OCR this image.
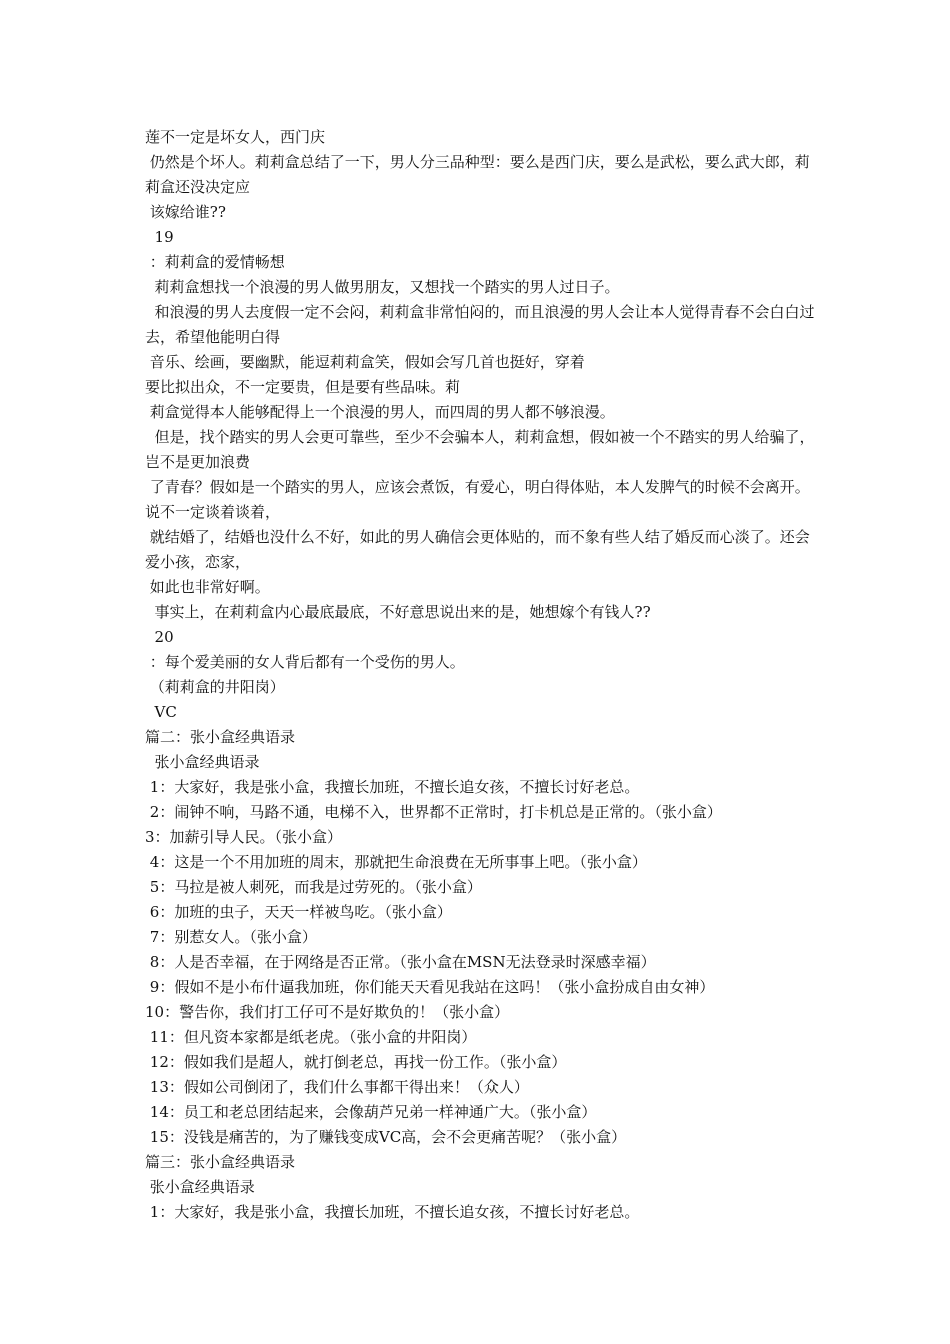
莲不一定是坏女人，西门庆

仍然是个坏人。莉莉盒总结了一下，男人分三品种型：要么是西门庆，要么是武松，要么武大郎，莉莉盒还没决定应

该嫁给谁??

19

：莉莉盒的爱情畅想

莉莉盒想找一个浪漫的男人做男朋友，又想找一个踏实的男人过日子。

和浪漫的男人去度假一定不会闷，莉莉盒非常怕闷的，而且浪漫的男人会让本人觉得青春不会白白过去，希望他能明白得

音乐、绘画，要幽默，能逗莉莉盒笑，假如会写几首也挺好，穿着

要比拟出众，不一定要贵，但是要有些品味。莉

莉盒觉得本人能够配得上一个浪漫的男人，而四周的男人都不够浪漫。

但是，找个踏实的男人会更可靠些，至少不会骗本人，莉莉盒想，假如被一个不踏实的男人给骗了，岂不是更加浪费

了青春？假如是一个踏实的男人，应该会煮饭，有爱心，明白得体贴，本人发脾气的时候不会离开。说不一定谈着谈着，

就结婚了，结婚也没什么不好，如此的男人确信会更体贴的，而不象有些人结了婚反而心淡了。还会爱小孩，恋家，

如此也非常好啊。

事实上，在莉莉盒内心最底最底，不好意思说出来的是，她想嫁个有钱人??

20

：每个爱美丽的女人背后都有一个受伤的男人。

（莉莉盒的井阳岗）

VC

篇二：张小盒经典语录

张小盒经典语录

1：大家好，我是张小盒，我擅长加班，不擅长追女孩，不擅长讨好老总。

2：闹钟不响，马路不通，电梯不入，世界都不正常时，打卡机总是正常的。（张小盒）

3：加薪引导人民。（张小盒）

4：这是一个不用加班的周末，那就把生命浪费在无所事事上吧。（张小盒）

5：马拉是被人刺死，而我是过劳死的。（张小盒）

6：加班的虫子，天天一样被鸟吃。（张小盒）

7：别惹女人。（张小盒）

8：人是否幸福，在于网络是否正常。（张小盒在MSN无法登录时深感幸福）

9：假如不是小布什逼我加班，你们能天天看见我站在这吗！（张小盒扮成自由女神）

10：警告你，我们打工仔可不是好欺负的！（张小盒）

11：但凡资本家都是纸老虎。（张小盒的井阳岗）

12：假如我们是超人，就打倒老总，再找一份工作。（张小盒）

13：假如公司倒闭了，我们什么事都干得出来！（众人）

14：员工和老总团结起来，会像葫芦兄弟一样神通广大。（张小盒）

15：没钱是痛苦的，为了赚钱变成VC高，会不会更痛苦呢？（张小盒）

篇三：张小盒经典语录

张小盒经典语录

1：大家好，我是张小盒，我擅长加班，不擅长追女孩，不擅长讨好老总。
